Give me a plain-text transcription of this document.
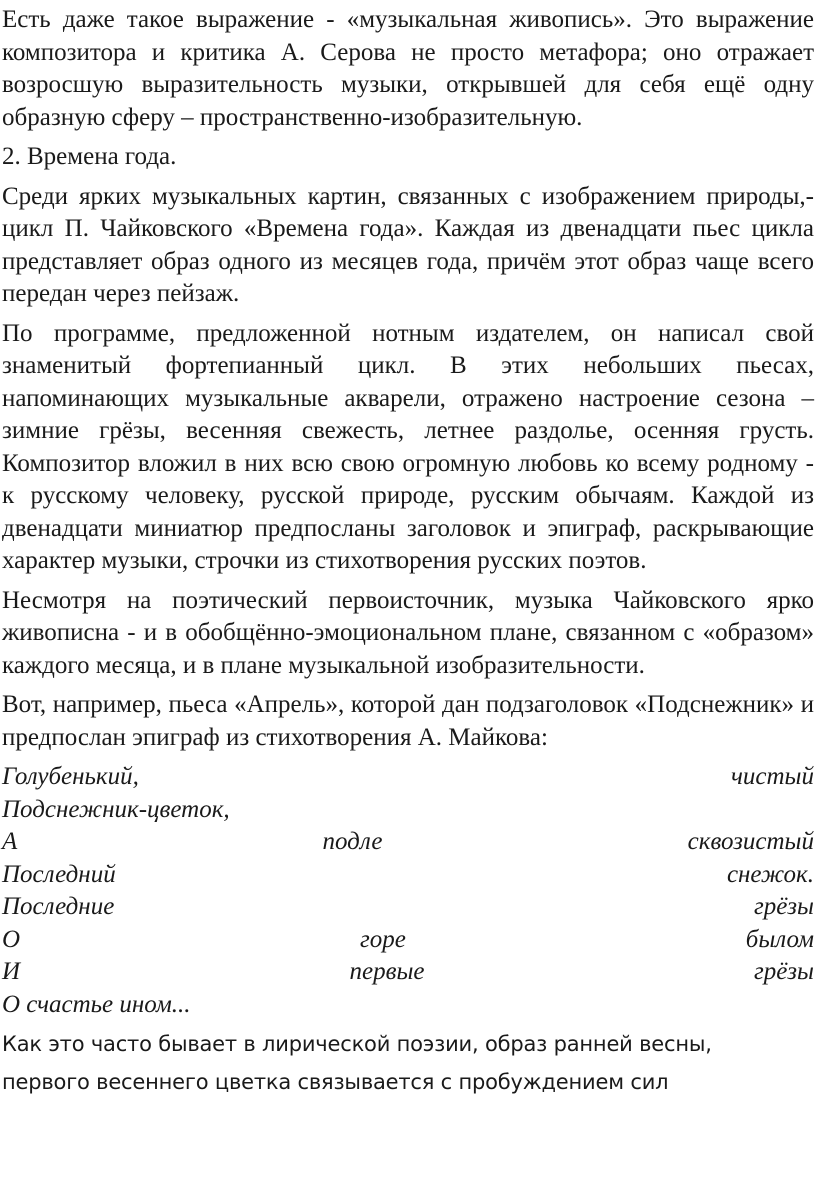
Есть даже такое выражение - «музыкальная живопись». Это выражение композитора и критика А. Серова не просто метафора; оно отражает возросшую выразительность музыки, открывшей для себя ещё одну образную сферу – пространственно-изобразительную.

2. Времена года.

Среди ярких музыкальных картин, связанных с изображением природы,- цикл П. Чайковского «Времена года». Каждая из двенадцати пьес цикла представляет образ одного из месяцев года, причём этот образ чаще всего передан через пейзаж.

По программе, предложенной нотным издателем, он написал свой знаменитый фортепианный цикл. В этих небольших пьесах, напоминающих музыкальные акварели, отражено настроение сезона – зимние грёзы, весенняя свежесть, летнее раздолье, осенняя грусть. Композитор вложил в них всю свою огромную любовь ко всему родному - к русскому человеку, русской природе, русским обычаям. Каждой из двенадцати миниатюр предпосланы заголовок и эпиграф, раскрывающие характер музыки, строчки из стихотворения русских поэтов.

Несмотря на поэтический первоисточник, музыка Чайковского ярко живописна - и в обобщённо-эмоциональном плане, связанном с «образом» каждого месяца, и в плане музыкальной изобразительности.

Вот, например, пьеса «Апрель», которой дан подзаголовок «Подснежник» и предпослан эпиграф из стихотворения А. Майкова:

Голубенький,	чистый
Подснежник-цветок,
А	подле	сквозистый
Последний	снежок.
Последние	грёзы
О	горе	былом
И	первые	грёзы
О счастье ином...
Как это часто бывает в лирической поэзии, образ ранней весны,
первого весеннего цветка связывается с пробуждением сил
